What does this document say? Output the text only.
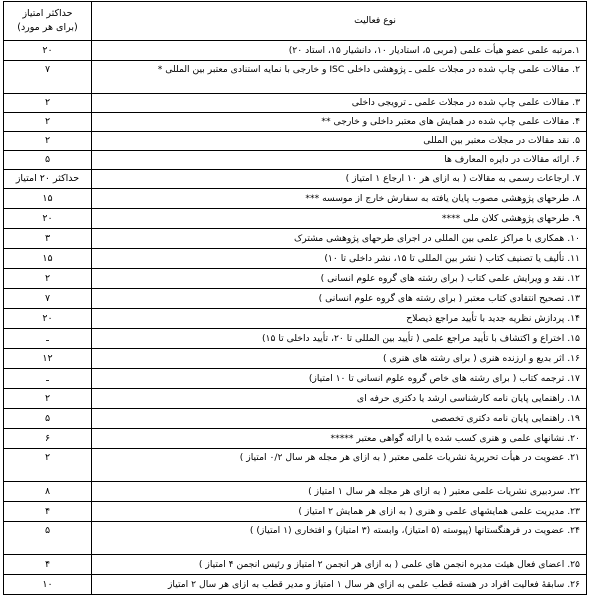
نوع فعالیت	حداکثر امتیاز
(برای هر مورد)
۱.مرتبه علمی عضو هیأت علمی (مربی ۵، استادیار ۱۰، دانشیار ۱۵، استاد ۲۰)	۲۰
۲. مقالات علمی چاپ شده در مجلات علمی ـ پژوهشی داخلی ISC و خارجی با نمایه استنادی معتبر بین المللی *	۷
۳. مقالات علمی چاپ شده در مجلات علمی ـ ترویجی داخلی	۲
۴. مقالات علمی چاپ شده در همایش های معتبر داخلی و خارجی **	۲
۵. نقد مقالات در مجلات معتبر بین المللی	۲
۶. ارائه مقالات در دایره المعارف ها	۵
۷. ارجاعات رسمی به مقالات ( به ازای هر ۱۰ ارجاع ۱ امتیاز )	حداکثر ۲۰ امتیاز
۸. طرحهای پژوهشی مصوب پایان یافته به سفارش خارج از موسسه ***	۱۵
۹. طرحهای پژوهشی کلان ملی ****	۲۰
۱۰. همکاری با مراکز علمی بین المللی در اجرای طرحهای پژوهشی مشترک	۳
۱۱. تألیف یا تصنیف کتاب ( نشر بین المللی تا ۱۵، نشر داخلی تا ۱۰)	۱۵
۱۲. نقد و ویرایش علمی کتاب ( برای رشته های گروه علوم انسانی )	۲
۱۳. تصحیح انتقادی کتاب معتبر ( برای رشته های گروه علوم انسانی )	۷
۱۴. پردازش نظریه جدید با تأیید مراجع ذیصلاح	۲۰
۱۵. اختراع و اکتشاف با تأیید مراجع علمی ( تأیید بین المللی تا ۲۰، تأیید داخلی تا ۱۵)	ـ
۱۶. اثر بدیع و ارزنده هنری ( برای رشته های هنری )	۱۲
۱۷. ترجمه کتاب ( برای رشته های خاص گروه علوم انسانی تا ۱۰ امتیاز)	ـ
۱۸. راهنمایی پایان نامه کارشناسی ارشد یا دکتری حرفه ای	۲
۱۹. راهنمایی پایان نامه دکتری تخصصی	۵
۲۰. نشانهای علمی و هنری کسب شده یا ارائه گواهی معتبر *****	۶
۲۱. عضویت در هیأت تحریریهٔ نشریات علمی معتبر ( به ازای هر مجله هر سال ۰/۲ امتیاز )	۲
۲۲. سردبیری نشریات علمی معتبر ( به ازای هر مجله هر سال ۱ امتیاز )	۸
۲۳. مدیریت علمی همایشهای علمی و هنری ( به ازای هر همایش ۲ امتیاز )	۴
۲۴. عضویت در فرهنگستانها (پیوسته (۵ امتیاز)، وابسته (۳ امتیاز) و افتخاری (۱ امتیاز) )	۵
۲۵. اعضای فعال هیئت مدیره انجمن های علمی ( به ازای هر انجمن ۲ امتیاز و رئیس انجمن ۴ امتیاز )	۴
۲۶. سابقهٔ فعالیت افراد در هسته قطب علمی به ازای هر سال ۱ امتیاز و مدیر قطب به ازای هر سال ۲ امتیاز	۱۰
